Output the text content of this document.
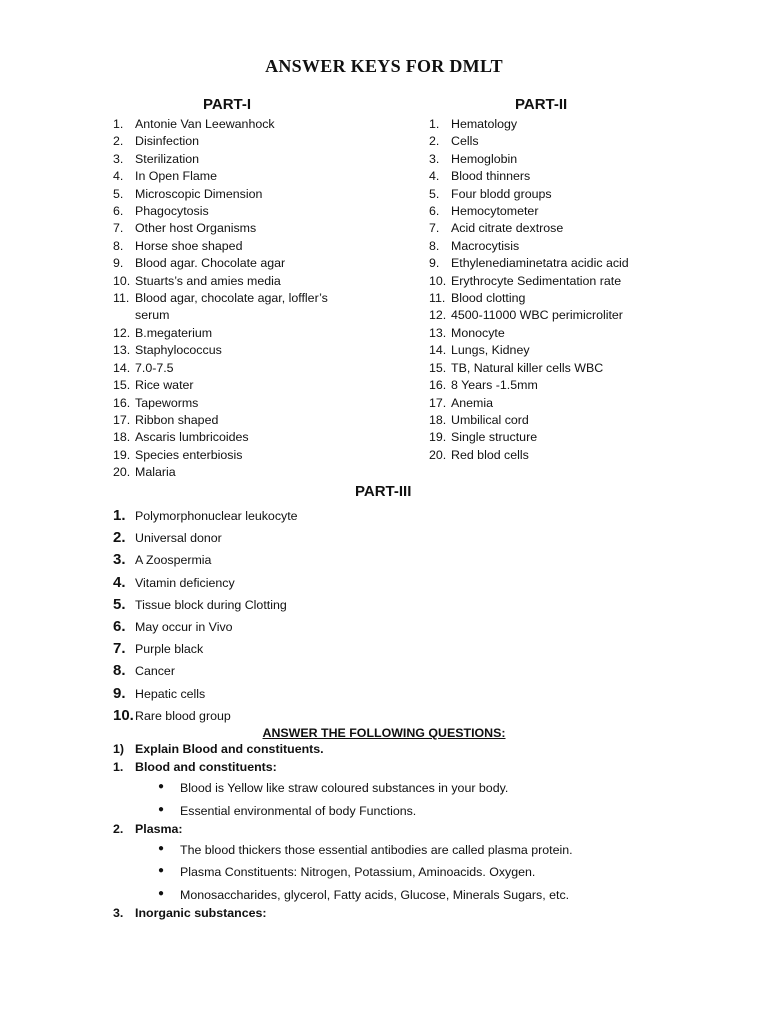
ANSWER KEYS FOR DMLT
PART-I	PART-II
1. Antonie Van Leewanhock
2. Disinfection
3. Sterilization
4. In Open Flame
5. Microscopic Dimension
6. Phagocytosis
7. Other host Organisms
8. Horse shoe shaped
9. Blood agar. Chocolate agar
10. Stuarts’s and amies media
11. Blood agar, chocolate agar, loffler’s serum
12. B.megaterium
13. Staphylococcus
14. 7.0-7.5
15. Rice water
16. Tapeworms
17. Ribbon shaped
18. Ascaris lumbricoides
19. Species enterbiosis
20. Malaria
1. Hematology
2. Cells
3. Hemoglobin
4. Blood thinners
5. Four blodd groups
6. Hemocytometer
7. Acid citrate dextrose
8. Macrocytisis
9. Ethylenediaminetatra acidic acid
10. Erythrocyte Sedimentation rate
11. Blood clotting
12. 4500-11000 WBC perimicroliter
13. Monocyte
14. Lungs, Kidney
15. TB, Natural killer cells WBC
16. 8 Years -1.5mm
17. Anemia
18. Umbilical cord
19. Single structure
20. Red blod cells
PART-III
1. Polymorphonuclear leukocyte
2. Universal donor
3. A Zoospermia
4. Vitamin deficiency
5. Tissue block during Clotting
6. May occur in Vivo
7. Purple black
8. Cancer
9. Hepatic cells
10. Rare blood group
ANSWER THE FOLLOWING QUESTIONS:
1) Explain Blood and constituents.
1. Blood and constituents:
● Blood is Yellow like straw coloured substances in your body.
● Essential environmental of body Functions.
2. Plasma:
● The blood thickers those essential antibodies are called plasma protein.
● Plasma Constituents: Nitrogen, Potassium, Aminoacids. Oxygen.
● Monosaccharides, glycerol, Fatty acids, Glucose, Minerals Sugars, etc.
3. Inorganic substances:
